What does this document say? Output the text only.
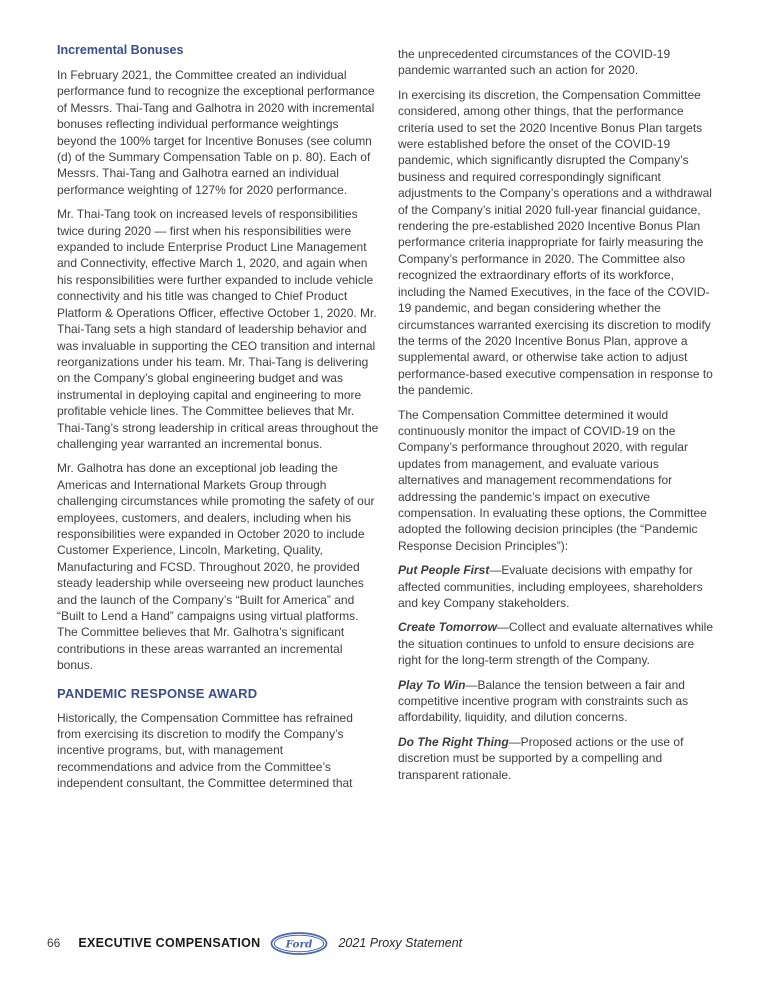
Incremental Bonuses

In February 2021, the Committee created an individual performance fund to recognize the exceptional performance of Messrs. Thai-Tang and Galhotra in 2020 with incremental bonuses reflecting individual performance weightings beyond the 100% target for Incentive Bonuses (see column (d) of the Summary Compensation Table on p. 80). Each of Messrs. Thai-Tang and Galhotra earned an individual performance weighting of 127% for 2020 performance.

Mr. Thai-Tang took on increased levels of responsibilities twice during 2020 — first when his responsibilities were expanded to include Enterprise Product Line Management and Connectivity, effective March 1, 2020, and again when his responsibilities were further expanded to include vehicle connectivity and his title was changed to Chief Product Platform & Operations Officer, effective October 1, 2020. Mr. Thai-Tang sets a high standard of leadership behavior and was invaluable in supporting the CEO transition and internal reorganizations under his team. Mr. Thai-Tang is delivering on the Company’s global engineering budget and was instrumental in deploying capital and engineering to more profitable vehicle lines. The Committee believes that Mr. Thai-Tang’s strong leadership in critical areas throughout the challenging year warranted an incremental bonus.

Mr. Galhotra has done an exceptional job leading the Americas and International Markets Group through challenging circumstances while promoting the safety of our employees, customers, and dealers, including when his responsibilities were expanded in October 2020 to include Customer Experience, Lincoln, Marketing, Quality, Manufacturing and FCSD. Throughout 2020, he provided steady leadership while overseeing new product launches and the launch of the Company’s “Built for America” and “Built to Lend a Hand” campaigns using virtual platforms. The Committee believes that Mr. Galhotra’s significant contributions in these areas warranted an incremental bonus.

PANDEMIC RESPONSE AWARD

Historically, the Compensation Committee has refrained from exercising its discretion to modify the Company’s incentive programs, but, with management recommendations and advice from the Committee’s independent consultant, the Committee determined that

the unprecedented circumstances of the COVID-19 pandemic warranted such an action for 2020.

In exercising its discretion, the Compensation Committee considered, among other things, that the performance criteria used to set the 2020 Incentive Bonus Plan targets were established before the onset of the COVID-19 pandemic, which significantly disrupted the Company’s business and required correspondingly significant adjustments to the Company’s operations and a withdrawal of the Company’s initial 2020 full-year financial guidance, rendering the pre-established 2020 Incentive Bonus Plan performance criteria inappropriate for fairly measuring the Company’s performance in 2020. The Committee also recognized the extraordinary efforts of its workforce, including the Named Executives, in the face of the COVID-19 pandemic, and began considering whether the circumstances warranted exercising its discretion to modify the terms of the 2020 Incentive Bonus Plan, approve a supplemental award, or otherwise take action to adjust performance-based executive compensation in response to the pandemic.

The Compensation Committee determined it would continuously monitor the impact of COVID-19 on the Company’s performance throughout 2020, with regular updates from management, and evaluate various alternatives and management recommendations for addressing the pandemic’s impact on executive compensation. In evaluating these options, the Committee adopted the following decision principles (the “Pandemic Response Decision Principles”):

Put People First—Evaluate decisions with empathy for affected communities, including employees, shareholders and key Company stakeholders.

Create Tomorrow—Collect and evaluate alternatives while the situation continues to unfold to ensure decisions are right for the long-term strength of the Company.

Play To Win—Balance the tension between a fair and competitive incentive program with constraints such as affordability, liquidity, and dilution concerns.

Do The Right Thing—Proposed actions or the use of discretion must be supported by a compelling and transparent rationale.

66 EXECUTIVE COMPENSATION Ford 2021 Proxy Statement
